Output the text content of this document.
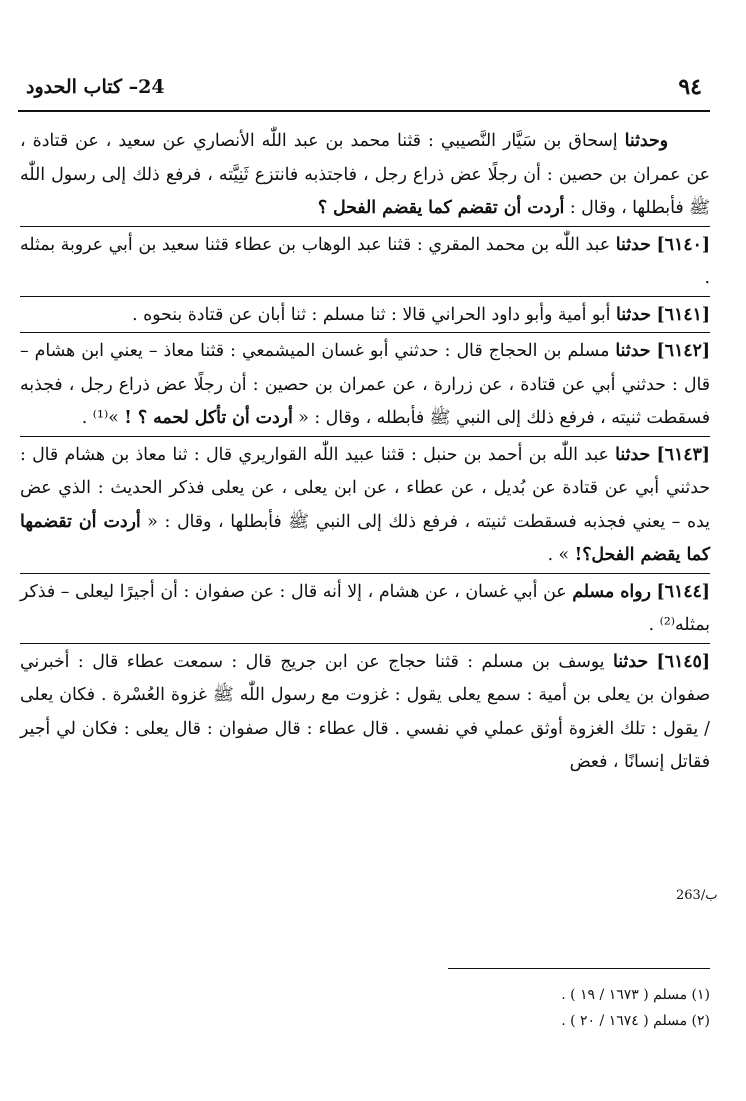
٩٤
24– كتاب الحدود

وحدثنا إسحاق بن سَيَّار النَّصيبي : قثنا محمد بن عبد اللّٰه الأنصاري عن سعيد ، عن قتادة ، عن عمران بن حصين : أن رجلًا عض ذراع رجل ، فاجتذبه فانتزع ثَنِيَّته ، فرفع ذلك إلى رسول اللّٰه ﷺ فأبطلها ، وقال : أردت أن تقضم كما يقضم الفحل ؟

[٦١٤٠] حدثنا عبد اللّٰه بن محمد المقري : قثنا عبد الوهاب بن عطاء قثنا سعيد بن أبي عروبة بمثله .

[٦١٤١] حدثنا أبو أمية وأبو داود الحراني قالا : ثنا مسلم : ثنا أبان عن قتادة بنحوه .

[٦١٤٢] حدثنا مسلم بن الحجاج قال : حدثني أبو غسان الميشمعي : قثنا معاذ – يعني ابن هشام – قال : حدثني أبي عن قتادة ، عن زرارة ، عن عمران بن حصين : أن رجلًا عض ذراع رجل ، فجذبه فسقطت ثنيته ، فرفع ذلك إلى النبي ﷺ فأبطله ، وقال : « أردت أن تأكل لحمه ؟ ! »⁽¹⁾ .

[٦١٤٣] حدثنا عبد اللّٰه بن أحمد بن حنبل : قثنا عبيد اللّٰه القواريري قال : ثنا معاذ بن هشام قال : حدثني أبي عن قتادة عن بُديل ، عن عطاء ، عن ابن يعلى ، عن يعلى فذكر الحديث : الذي عض يده – يعني فجذبه فسقطت ثنيته ، فرفع ذلك إلى النبي ﷺ فأبطلها ، وقال : « أردت أن تقضمها كما يقضم الفحل؟! » .

[٦١٤٤] رواه مسلم عن أبي غسان ، عن هشام ، إلا أنه قال : عن صفوان : أن أجيرًا ليعلى – فذكر بمثله⁽²⁾ .

[٦١٤٥] حدثنا يوسف بن مسلم : قثنا حجاج عن ابن جريج قال : سمعت عطاء قال : أخبرني صفوان بن يعلى بن أمية : سمع يعلى يقول : غزوت مع رسول اللّٰه ﷺ غزوة العُسْرة . فكان يعلى / يقول : تلك الغزوة أوثق عملي في نفسي . قال عطاء : قال صفوان : قال يعلى : فكان لي أجير فقاتل إنسانًا ، فعض

263/ب

(١) مسلم ( ١٦٧٣ / ١٩ ) .

(٢) مسلم ( ١٦٧٤ / ٢٠ ) .
